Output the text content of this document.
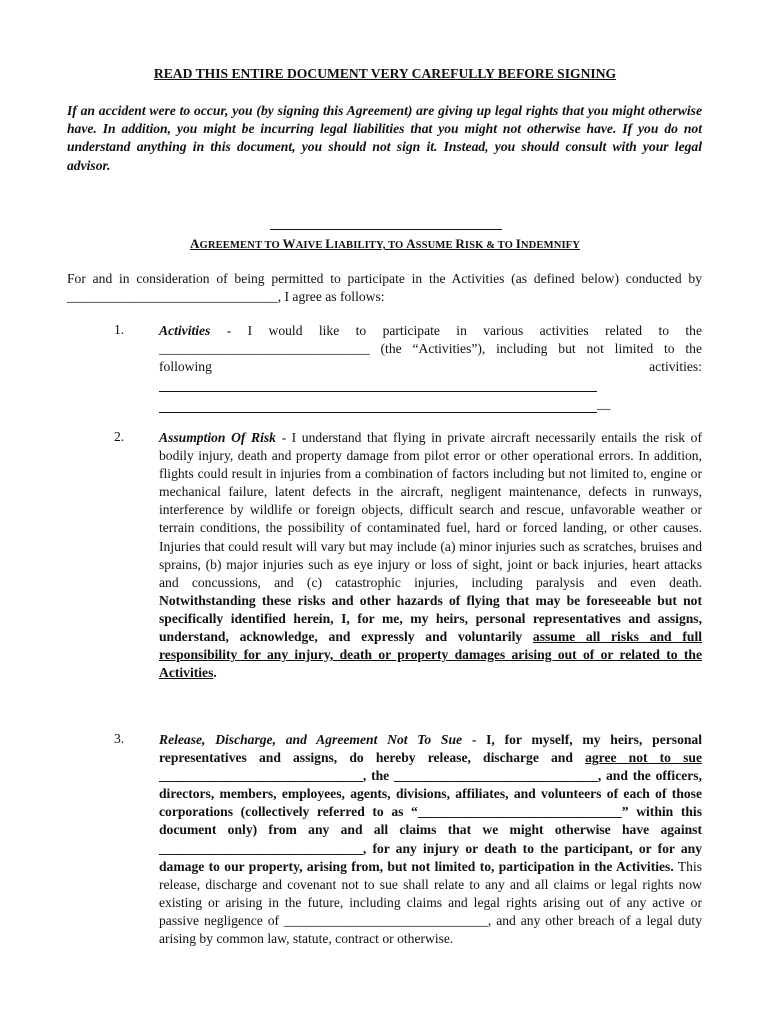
READ THIS ENTIRE DOCUMENT VERY CAREFULLY BEFORE SIGNING
If an accident were to occur, you (by signing this Agreement) are giving up legal rights that you might otherwise have. In addition, you might be incurring legal liabilities that you might not otherwise have. If you do not understand anything in this document, you should not sign it. Instead, you should consult with your legal advisor.
AGREEMENT TO WAIVE LIABILITY, TO ASSUME RISK & TO INDEMNIFY
For and in consideration of being permitted to participate in the Activities (as defined below) conducted by _______________________________, I agree as follows:
1.	Activities - I would like to participate in various activities related to the
_______________________________ (the “Activities”), including but not limited to the
following	activities:
__
2.	Assumption Of Risk - I understand that flying in private aircraft necessarily entails the risk of bodily injury, death and property damage from pilot error or other operational errors. In addition, flights could result in injuries from a combination of factors including but not limited to, engine or mechanical failure, latent defects in the aircraft, negligent maintenance, defects in runways, interference by wildlife or foreign objects, difficult search and rescue, unfavorable weather or terrain conditions, the possibility of contaminated fuel, hard or forced landing, or other causes. Injuries that could result will vary but may include (a) minor injuries such as scratches, bruises and sprains, (b) major injuries such as eye injury or loss of sight, joint or back injuries, heart attacks and concussions, and (c) catastrophic injuries, including paralysis and even death. Notwithstanding these risks and other hazards of flying that may be foreseeable but not specifically identified herein, I, for me, my heirs, personal representatives and assigns, understand, acknowledge, and expressly and voluntarily assume all risks and full responsibility for any injury, death or property damages arising out of or related to the Activities.
3.	Release, Discharge, and Agreement Not To Sue - I, for myself, my heirs, personal representatives and assigns, do hereby release, discharge and agree not to sue ______________________________, the ______________________________, and the officers, directors, members, employees, agents, divisions, affiliates, and volunteers of each of those corporations (collectively referred to as “______________________________” within this document only) from any and all claims that we might otherwise have against ______________________________, for any injury or death to the participant, or for any damage to our property, arising from, but not limited to, participation in the Activities. This release, discharge and covenant not to sue shall relate to any and all claims or legal rights now existing or arising in the future, including claims and legal rights arising out of any active or passive negligence of ______________________________, and any other breach of a legal duty arising by common law, statute, contract or otherwise.
